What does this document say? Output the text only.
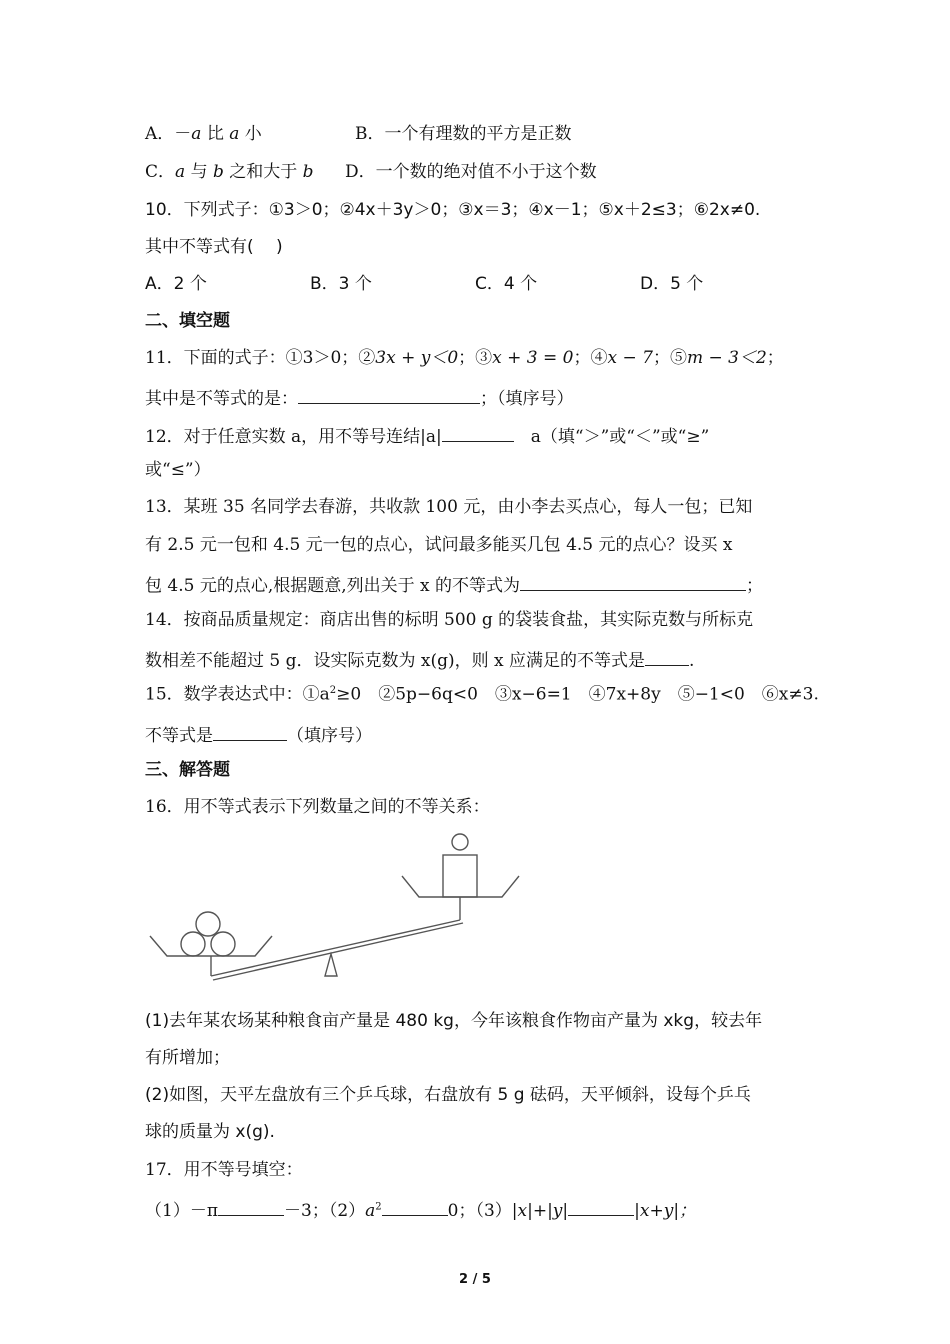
A．－a 比 a 小	B．一个有理数的平方是正数
C．a 与 b 之和大于 b D．一个数的绝对值不小于这个数
10．下列式子：①3＞0；②4x＋3y＞0；③x＝3；④x－1；⑤x＋2≤3；⑥2x≠0.
其中不等式有(　 )
A．2 个	B．3 个	C．4 个	D．5 个
二、填空题
11．下面的式子：①3＞0；②3x + y＜0；③x + 3 = 0；④x − 7；⑤m − 3＜2；
其中是不等式的是：	；（填序号）
12．对于任意实数 a，用不等号连结|a|　	a（填“＞”或“＜”或“≥”
或“≤”）
13．某班 35 名同学去春游，共收款 100 元，由小李去买点心，每人一包；已知
有 2.5 元一包和 4.5 元一包的点心，试问最多能买几包 4.5 元的点心？设买 x
包 4.5 元的点心,根据题意,列出关于 x 的不等式为	；
14．按商品质量规定：商店出售的标明 500 g 的袋装食盐，其实际克数与所标克
数相差不能超过 5 g．设实际克数为 x(g)，则 x 应满足的不等式是	.
15．数学表达式中：$①a^2\ge 0$　②5p−6q<0　③x−6=1　④7x+8y　⑤−1<0　⑥x≠3.
不等式是	（填序号）
三、解答题
16．用不等式表示下列数量之间的不等关系：
(1)去年某农场某种粮食亩产量是 480 kg，今年该粮食作物亩产量为 xkg，较去年
有所增加；
(2)如图，天平左盘放有三个乒乓球，右盘放有 5 g 砝码，天平倾斜，设每个乒乓
球的质量为 x(g).
17．用不等号填空：
（1）－π	－3；$(2)a^2$	0；（3）|x|+|y|	|x+y|；
2 / 5
